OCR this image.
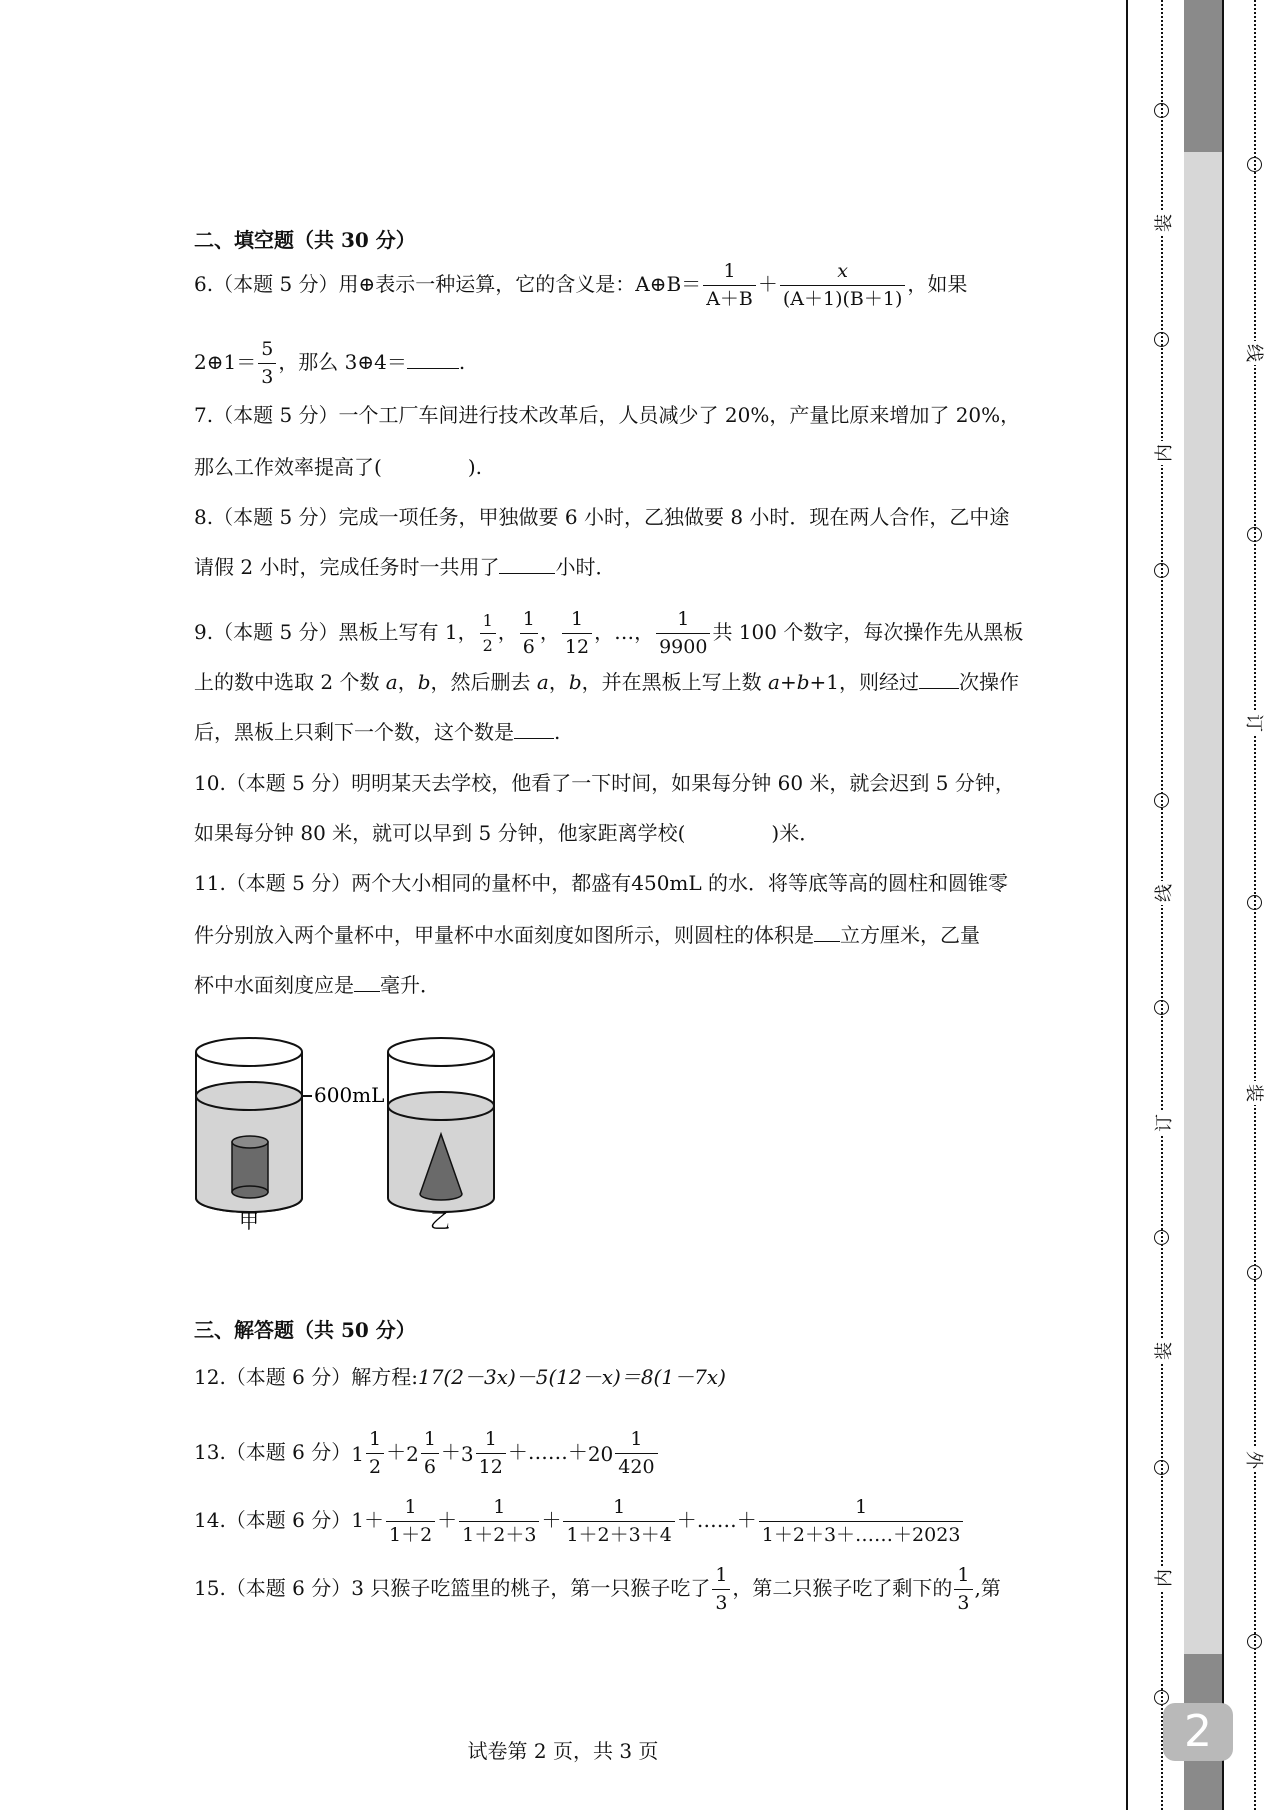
二、填空题（共 30 分）
6.（本题 5 分）用⊕表示一种运算，它的含义是：A⊕B＝ $\frac{1}{A+B} + \frac{x}{(A+1)(B+1)}$ ，如果
2⊕1＝ $\frac{5}{3}$ ，那么 3⊕4＝	.
7.（本题 5 分）一个工厂车间进行技术改革后，人员减少了 20%，产量比原来增加了 20%，
那么工作效率提高了(	).
8.（本题 5 分）完成一项任务，甲独做要 6 小时，乙独做要 8 小时．现在两人合作，乙中途
请假 2 小时，完成任务时一共用了	小时．
9.（本题 5 分）黑板上写有 1， $\frac{1}{2}$ ， $\frac{1}{6}$ ， $\frac{1}{12}$ ，…， $\frac{1}{9900}$ 共 100 个数字，每次操作先从黑板
上的数中选取 2 个数 a，b，然后删去 a，b，并在黑板上写上数 a+b+1，则经过 次操作
后，黑板上只剩下一个数，这个数是 .
10.（本题 5 分）明明某天去学校，他看了一下时间，如果每分钟 60 米，就会迟到 5 分钟，
如果每分钟 80 米，就可以早到 5 分钟，他家距离学校(	)米．
11.（本题 5 分）两个大小相同的量杯中，都盛有450mL 的水．将等底等高的圆柱和圆锥零
件分别放入两个量杯中，甲量杯中水面刻度如图所示，则圆柱的体积是 立方厘米，乙量
杯中水面刻度应是 毫升．
600mL
甲	乙
三、解答题（共 50 分）
12.（本题 6 分）解方程:17(2－3x)－5(12－x)＝8(1－7x)
13.（本题 6 分） $1 \frac{1}{2} + 2 \frac{1}{6} + 3 \frac{1}{12}$ ＋……＋ $20 \frac{1}{420}$
14.（本题 6 分）$1+ \frac{1}{1+2} + \frac{1}{1+2+3} + \frac{1}{1+2+3+4}$ ＋……＋ $\frac{1}{1+2+3+\dots\dots+2023}$
15.（本题 6 分）3 只猴子吃篮里的桃子，第一只猴子吃了 $\frac{1}{3}$ ，第二只猴子吃了剩下的 $\frac{1}{3}$ ,第
试卷第 2 页，共 3 页
装
内
线
订
装
内
线
订
装
外
2
